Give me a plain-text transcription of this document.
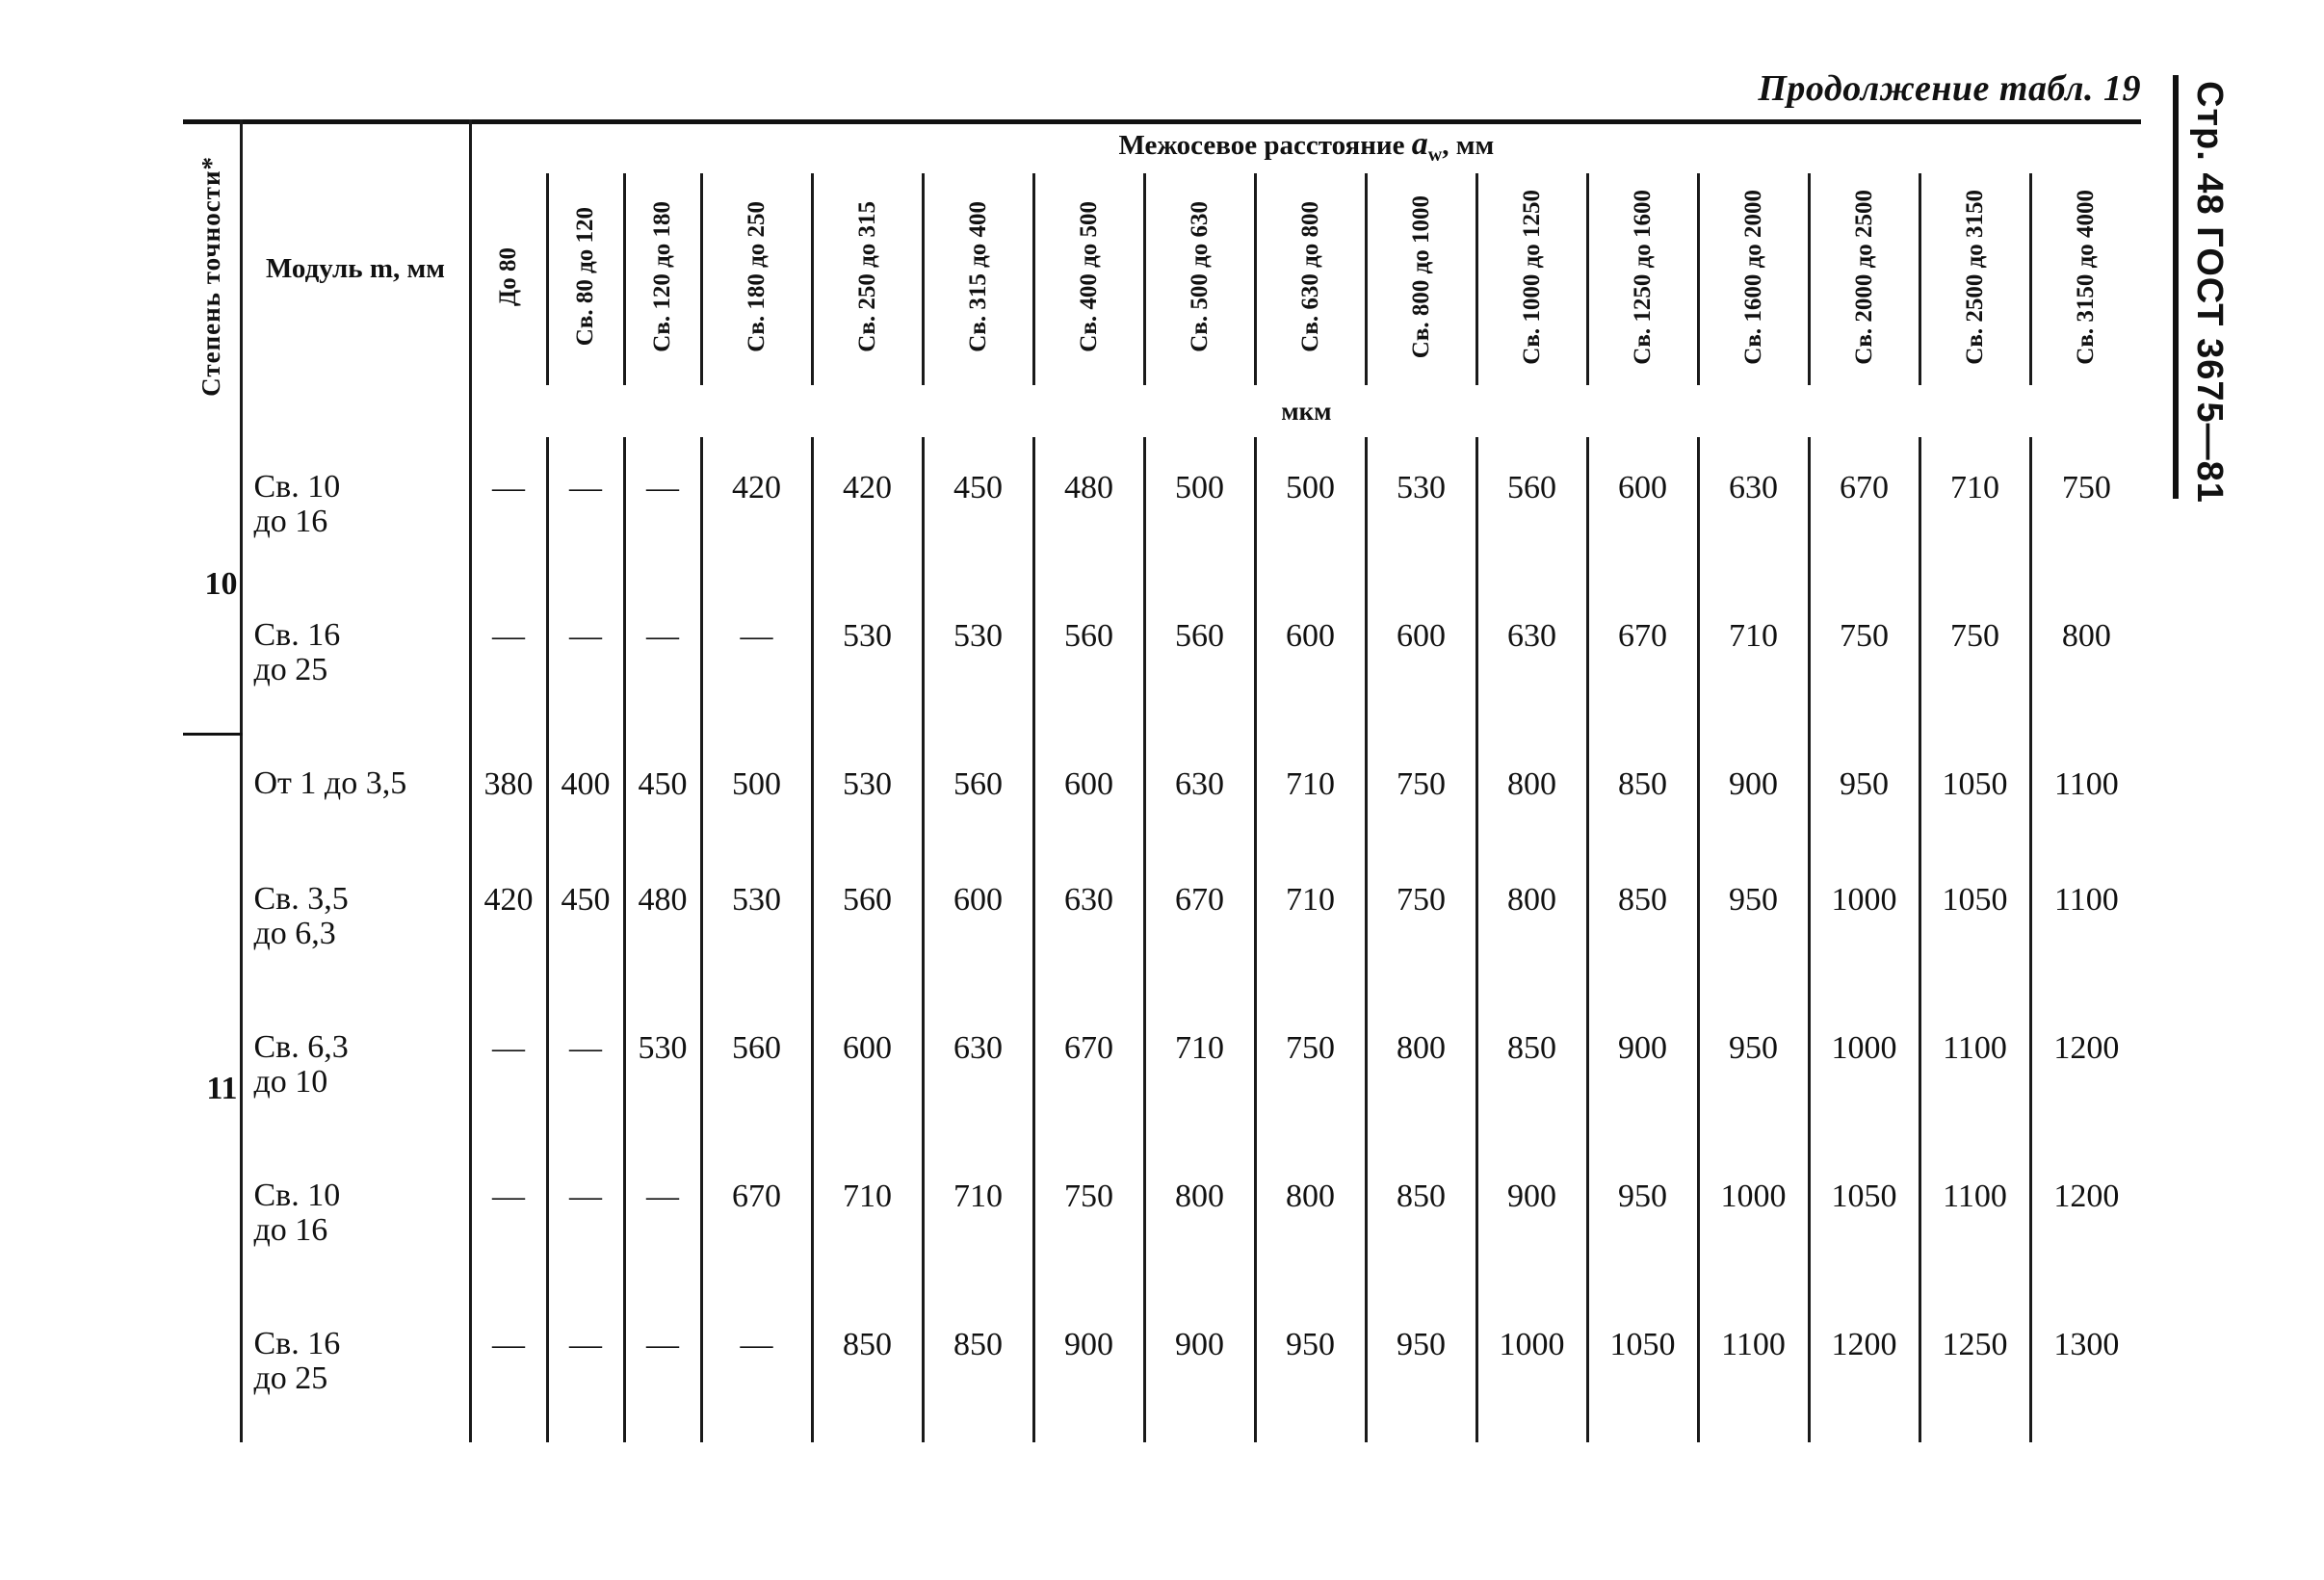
Продолжение табл. 19 Стр. 48 ГОСТ 3675—81
Степень точности*	Модуль m, мм	Межосевое расстояние $a_w$, мм															
		До 80	Св. 80 до 120	Св. 120 до 180	Св. 180 до 250	Св. 250 до 315	Св. 315 до 400	Св. 400 до 500	Св. 500 до 630	Св. 630 до 800	Св. 800 до 1000	Св. 1000 до 1250	Св. 1250 до 1600	Св. 1600 до 2000	Св. 2000 до 2500	Св. 2500 до 3150	Св. 3150 до 4000
		мкм															
10	Св. 10
до 16	—	—	—	420	420	450	480	500	500	530	560	600	630	670	710	750
	Св. 16
до 25	—	—	—	—	530	530	560	560	600	600	630	670	710	750	750	800
11	От 1 до 3,5	380	400	450	500	530	560	600	630	710	750	800	850	900	950	1050	1100
	Св. 3,5
до 6,3	420	450	480	530	560	600	630	670	710	750	800	850	950	1000	1050	1100
	Св. 6,3
до 10	—	—	530	560	600	630	670	710	750	800	850	900	950	1000	1100	1200
	Св. 10
до 16	—	—	—	670	710	710	750	800	800	850	900	950	1000	1050	1100	1200
	Св. 16
до 25	—	—	—	—	850	850	900	900	950	950	1000	1050	1100	1200	1250	1300
